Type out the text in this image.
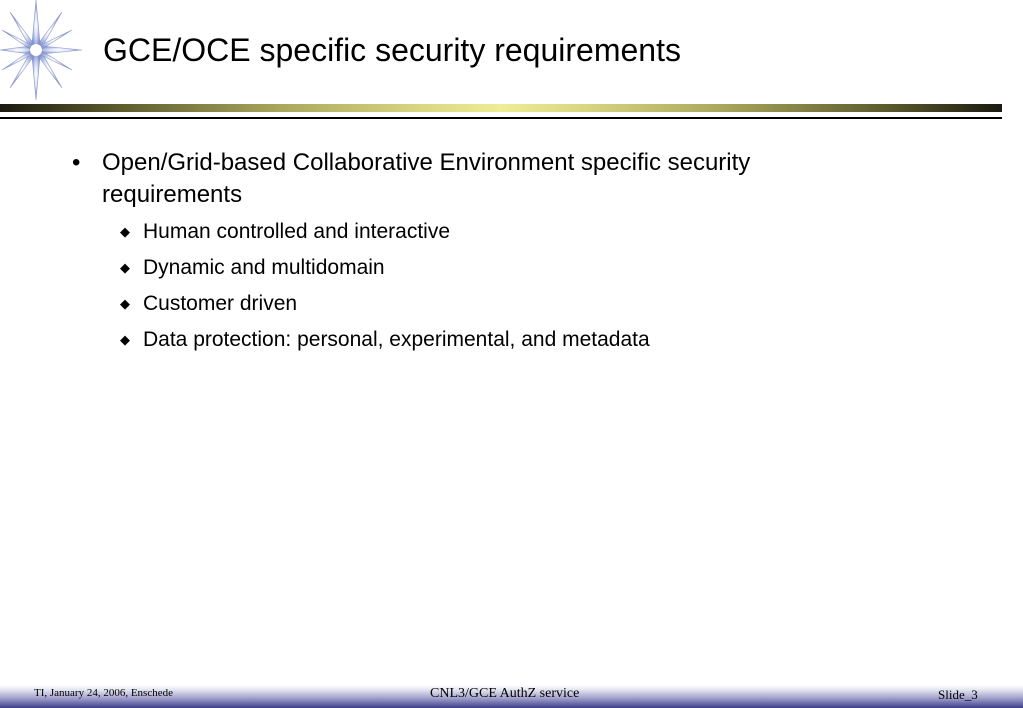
GCE/OCE specific security requirements
• Open/Grid-based Collaborative Environment specific security requirements
◆ Human controlled and interactive
◆ Dynamic and multidomain
◆ Customer driven
◆ Data protection: personal, experimental, and metadata
TI, January 24, 2006, Enschede	CNL3/GCE AuthZ service	Slide_3
